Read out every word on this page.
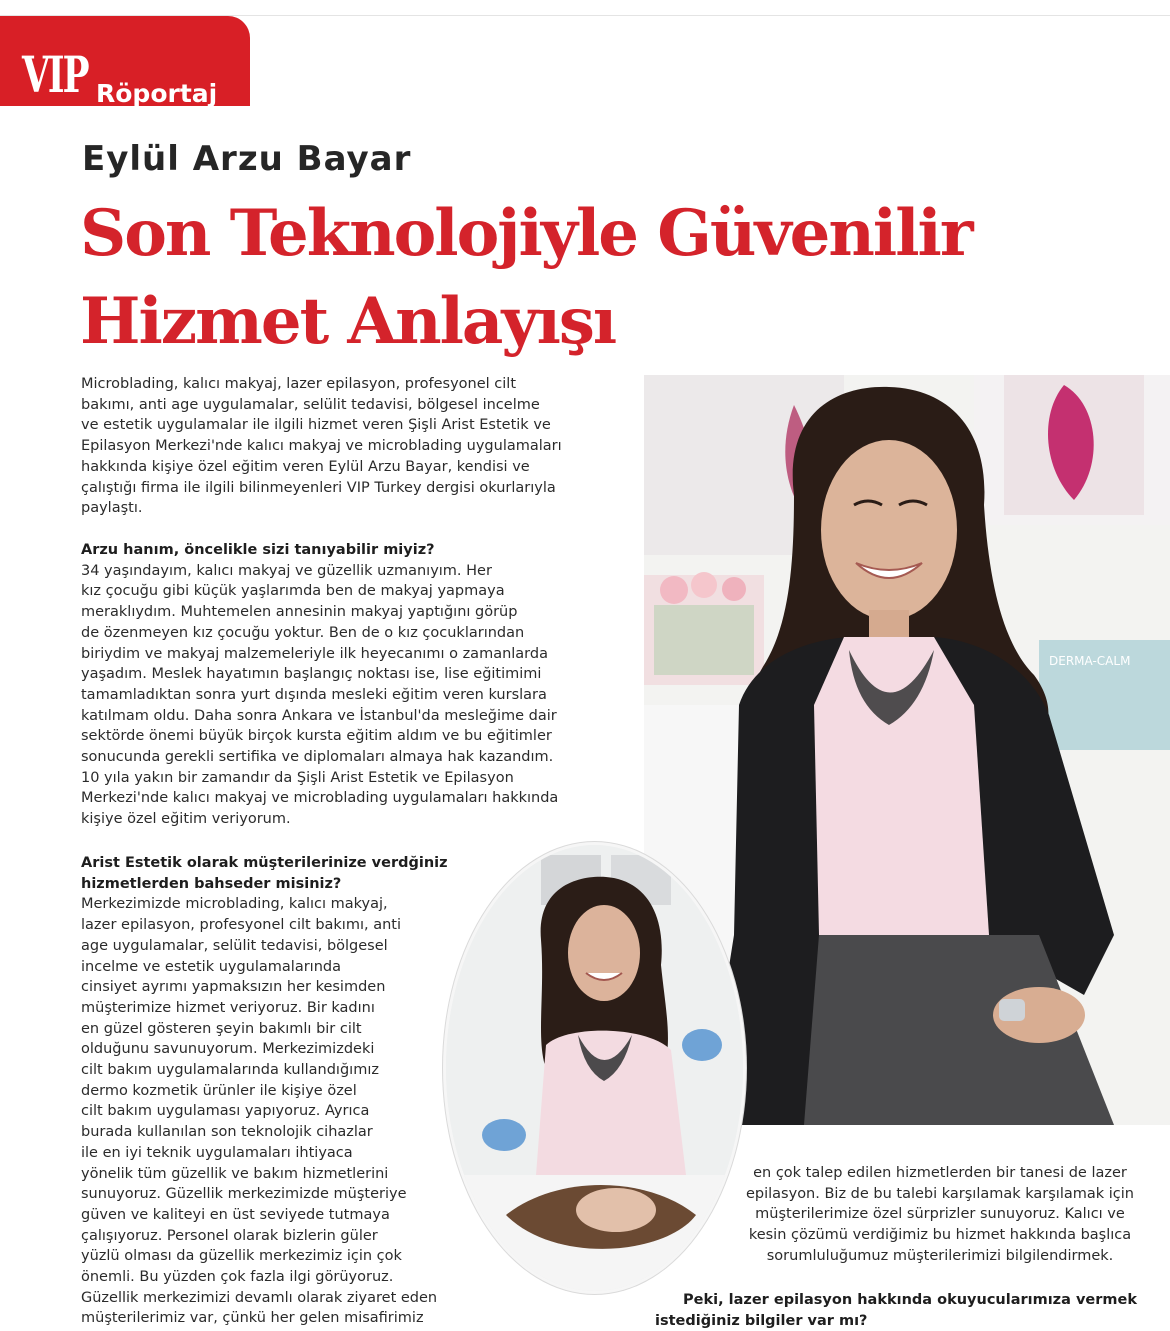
VIP Röportaj
Eylül Arzu Bayar
Son Teknolojiyle Güvenilir Hizmet Anlayışı

Microblading, kalıcı makyaj, lazer epilasyon, profesyonel cilt

bakımı, anti age uygulamalar, selülit tedavisi, bölgesel incelme

ve estetik uygulamalar ile ilgili hizmet veren Şişli Arist Estetik ve

Epilasyon Merkezi'nde kalıcı makyaj ve microblading uygulamaları

hakkında kişiye özel eğitim veren Eylül Arzu Bayar, kendisi ve

çalıştığı firma ile ilgili bilinmeyenleri VIP Turkey dergisi okurlarıyla

paylaştı.

Arzu hanım, öncelikle sizi tanıyabilir miyiz?

34 yaşındayım, kalıcı makyaj ve güzellik uzmanıyım. Her

kız çocuğu gibi küçük yaşlarımda ben de makyaj yapmaya

meraklıydım. Muhtemelen annesinin makyaj yaptığını görüp

de özenmeyen kız çocuğu yoktur. Ben de o kız çocuklarından

biriydim ve makyaj malzemeleriyle ilk heyecanımı o zamanlarda

yaşadım. Meslek hayatımın başlangıç noktası ise, lise eğitimimi

tamamladıktan sonra yurt dışında mesleki eğitim veren kurslara

katılmam oldu. Daha sonra Ankara ve İstanbul'da mesleğime dair

sektörde önemi büyük birçok kursta eğitim aldım ve bu eğitimler

sonucunda gerekli sertifika ve diplomaları almaya hak kazandım.

10 yıla yakın bir zamandır da Şişli Arist Estetik ve Epilasyon

Merkezi'nde kalıcı makyaj ve microblading uygulamaları hakkında

kişiye özel eğitim veriyorum.

Arist Estetik olarak müşterilerinize verdğiniz

hizmetlerden bahseder misiniz?

Merkezimizde microblading, kalıcı makyaj,

lazer epilasyon, profesyonel cilt bakımı, anti

age uygulamalar, selülit tedavisi, bölgesel

incelme ve estetik uygulamalarında

cinsiyet ayrımı yapmaksızın her kesimden

müşterimize hizmet veriyoruz. Bir kadını

en güzel gösteren şeyin bakımlı bir cilt

olduğunu savunuyorum. Merkezimizdeki

cilt bakım uygulamalarında kullandığımız

dermo kozmetik ürünler ile kişiye özel

cilt bakım uygulaması yapıyoruz. Ayrıca

burada kullanılan son teknolojik cihazlar

ile en iyi teknik uygulamaları ihtiyaca

yönelik tüm güzellik ve bakım hizmetlerini

sunuyoruz. Güzellik merkezimizde müşteriye

güven ve kaliteyi en üst seviyede tutmaya

çalışıyoruz. Personel olarak bizlerin güler

yüzlü olması da güzellik merkezimiz için çok

önemli. Bu yüzden çok fazla ilgi görüyoruz.

Güzellik merkezimizi devamlı olarak ziyaret eden

müşterilerimiz var, çünkü her gelen misafirimiz

DERMA-CALM

en çok talep edilen hizmetlerden bir tanesi de lazer

epilasyon. Biz de bu talebi karşılamak karşılamak için

müşterilerimize özel sürprizler sunuyoruz. Kalıcı ve

kesin çözümü verdiğimiz bu hizmet hakkında başlıca

sorumluluğumuz müşterilerimizi bilgilendirmek.

Peki, lazer epilasyon hakkında okuyucularımıza vermek

istediğiniz bilgiler var mı?
